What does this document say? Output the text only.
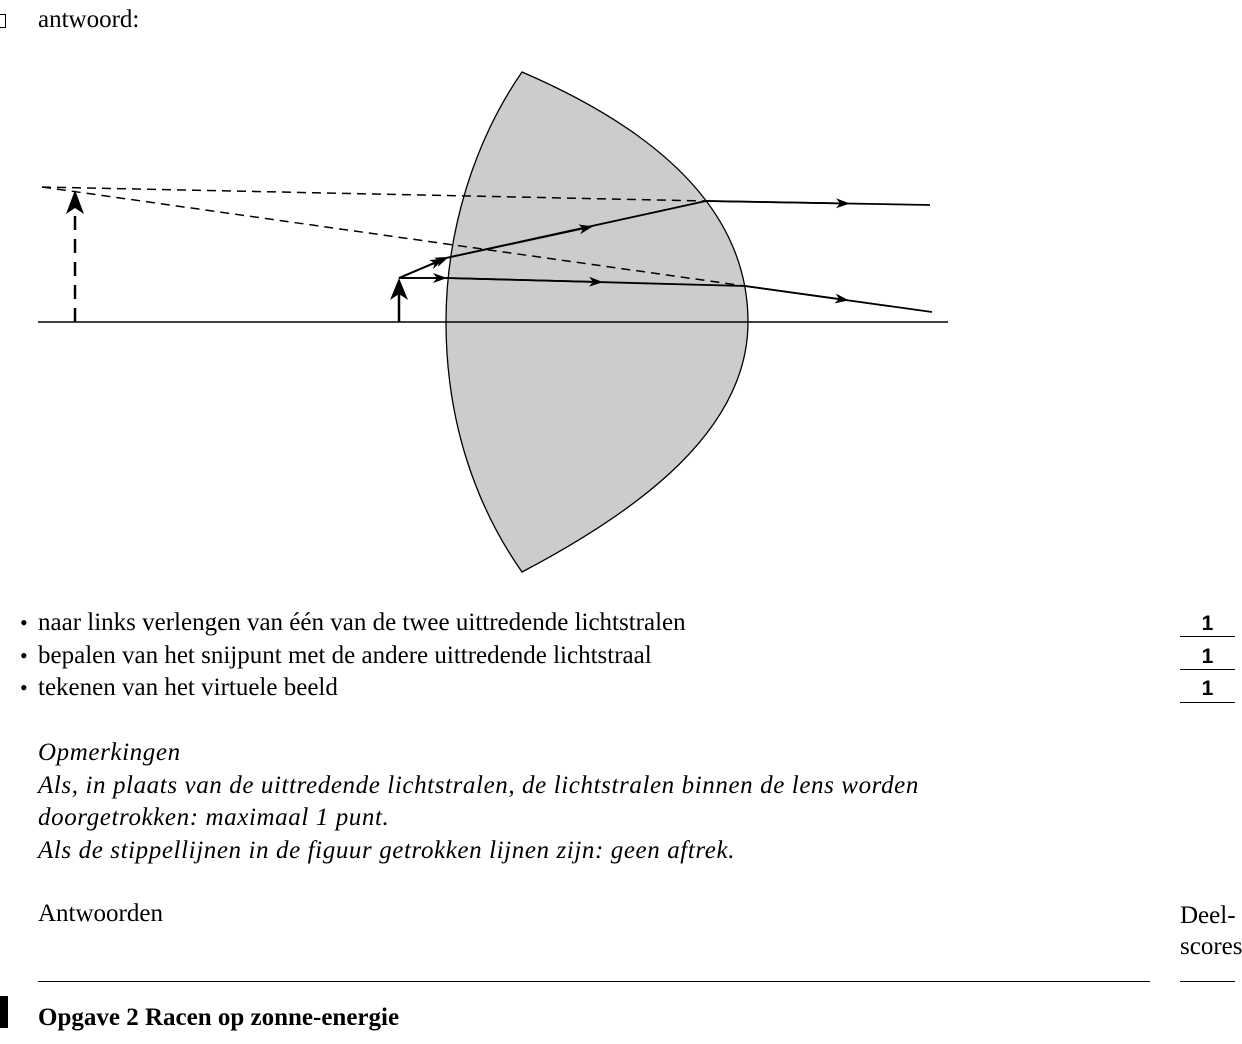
antwoord:
• naar links verlengen van één van de twee uittredende lichtstralen	1
• bepalen van het snijpunt met de andere uittredende lichtstraal	1
• tekenen van het virtuele beeld	1
Opmerkingen
Als, in plaats van de uittredende lichtstralen, de lichtstralen binnen de lens worden
doorgetrokken: maximaal 1 punt.
Als de stippellijnen in de figuur getrokken lijnen zijn: geen aftrek.
Antwoorden	Deel-
scores
Opgave 2 Racen op zonne-energie
